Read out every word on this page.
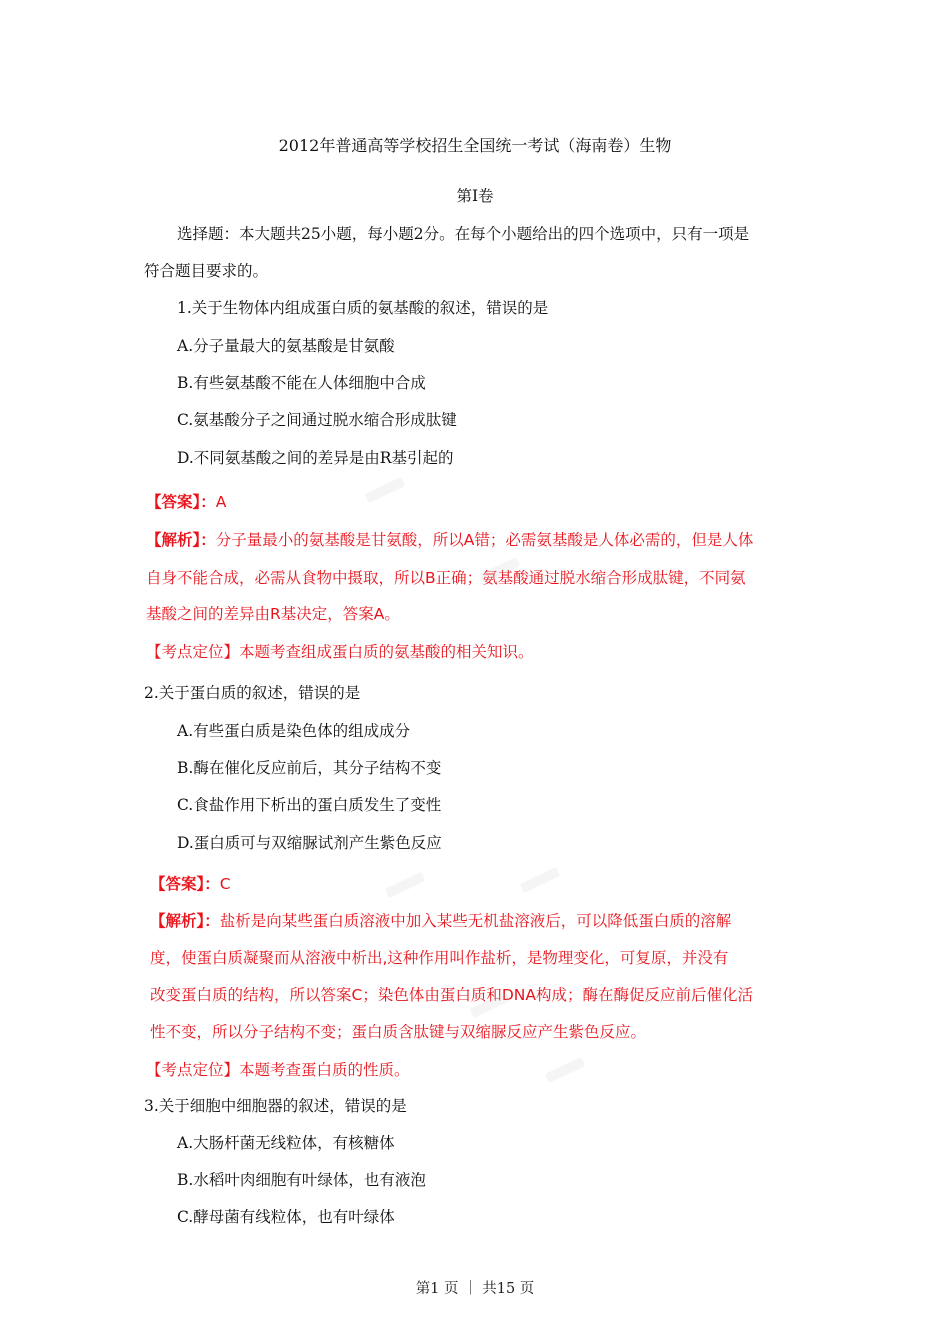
2012年普通高等学校招生全国统一考试（海南卷）生物
第I卷
选择题：本大题共25小题，每小题2分。在每个小题给出的四个选项中，只有一项是
符合题目要求的。
1.关于生物体内组成蛋白质的氨基酸的叙述，错误的是
A.分子量最大的氨基酸是甘氨酸
B.有些氨基酸不能在人体细胞中合成
C.氨基酸分子之间通过脱水缩合形成肽键
D.不同氨基酸之间的差异是由R基引起的
【答案】：A
【解析】：分子量最小的氨基酸是甘氨酸，所以A错；必需氨基酸是人体必需的，但是人体
自身不能合成，必需从食物中摄取，所以B正确；氨基酸通过脱水缩合形成肽键，不同氨
基酸之间的差异由R基决定，答案A。
【考点定位】本题考查组成蛋白质的氨基酸的相关知识。
2.关于蛋白质的叙述，错误的是
A.有些蛋白质是染色体的组成成分
B.酶在催化反应前后，其分子结构不变
C.食盐作用下析出的蛋白质发生了变性
D.蛋白质可与双缩脲试剂产生紫色反应
【答案】：C
【解析】：盐析是向某些蛋白质溶液中加入某些无机盐溶液后，可以降低蛋白质的溶解
度，使蛋白质凝聚而从溶液中析出,这种作用叫作盐析，是物理变化，可复原，并没有
改变蛋白质的结构，所以答案C；染色体由蛋白质和DNA构成；酶在酶促反应前后催化活
性不变，所以分子结构不变；蛋白质含肽键与双缩脲反应产生紫色反应。
【考点定位】本题考查蛋白质的性质。
3.关于细胞中细胞器的叙述，错误的是
A.大肠杆菌无线粒体，有核糖体
B.水稻叶肉细胞有叶绿体，也有液泡
C.酵母菌有线粒体，也有叶绿体
第1 页 ｜ 共15 页
